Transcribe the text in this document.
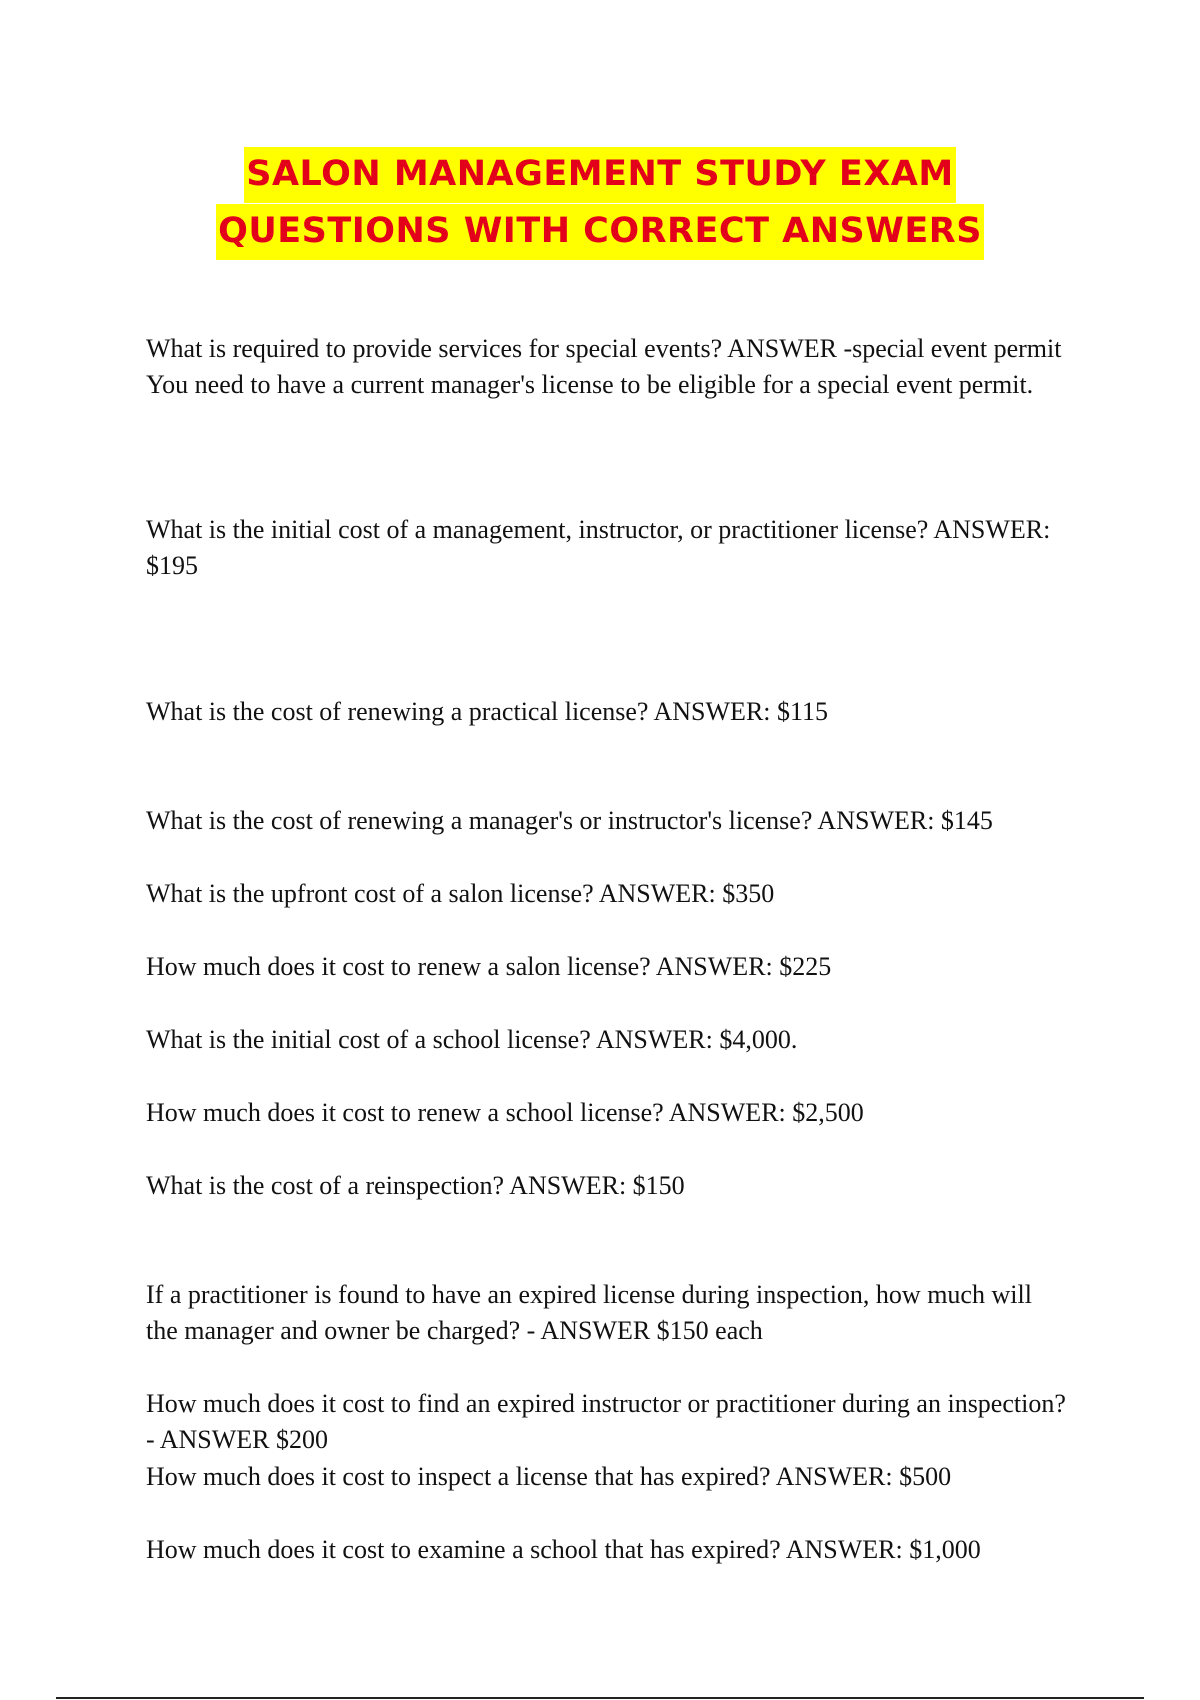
SALON MANAGEMENT STUDY EXAM
QUESTIONS WITH CORRECT ANSWERS

What is required to provide services for special events? ANSWER -special event permit You need to have a current manager's license to be eligible for a special event permit.

What is the initial cost of a management, instructor, or practitioner license? ANSWER: $195

What is the cost of renewing a practical license? ANSWER: $115

What is the cost of renewing a manager's or instructor's license? ANSWER: $145

What is the upfront cost of a salon license? ANSWER: $350

How much does it cost to renew a salon license? ANSWER: $225

What is the initial cost of a school license? ANSWER: $4,000.

How much does it cost to renew a school license? ANSWER: $2,500

What is the cost of a reinspection? ANSWER: $150

If a practitioner is found to have an expired license during inspection, how much will the manager and owner be charged? - ANSWER $150 each

How much does it cost to find an expired instructor or practitioner during an inspection? - ANSWER $200

How much does it cost to inspect a license that has expired? ANSWER: $500

How much does it cost to examine a school that has expired? ANSWER: $1,000
